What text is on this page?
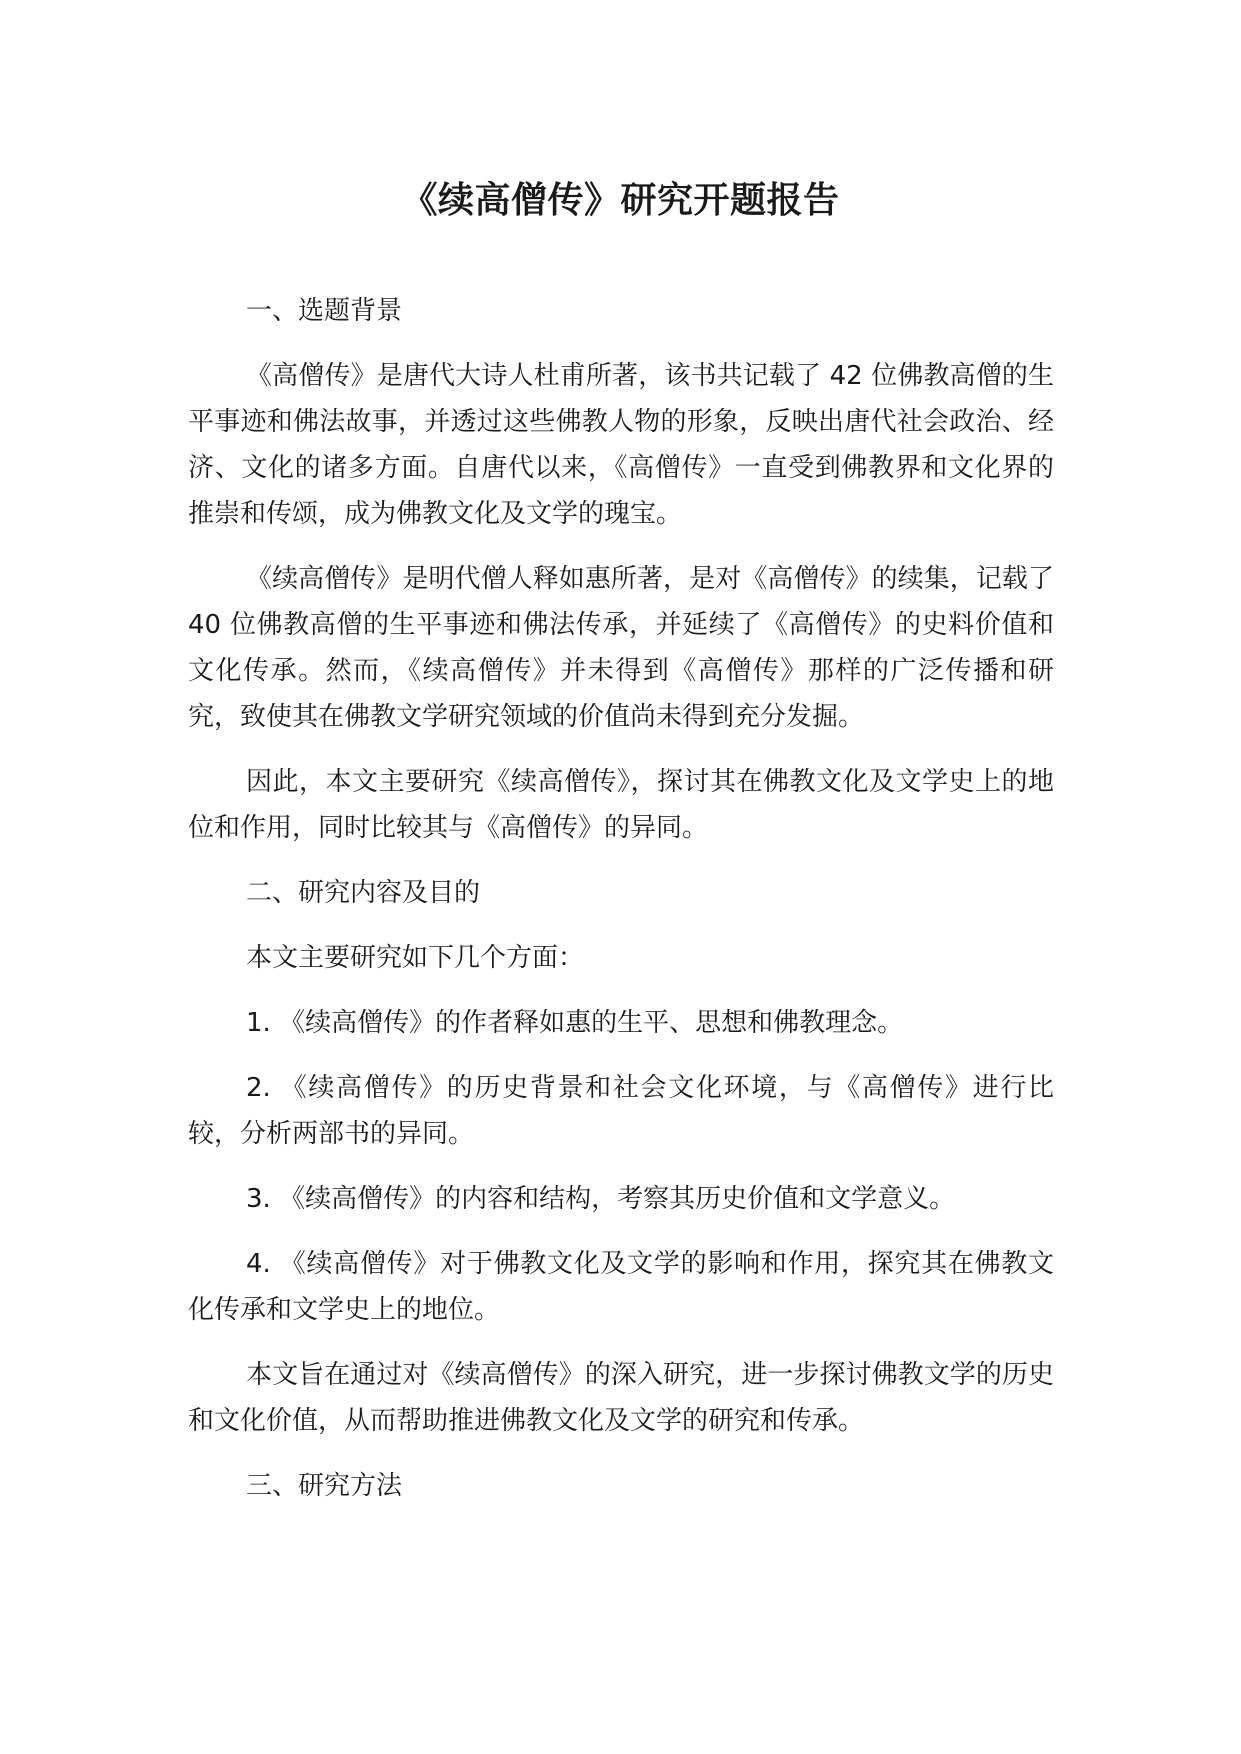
《续高僧传》研究开题报告

一、选题背景

《高僧传》是唐代大诗人杜甫所著，该书共记载了 42 位佛教高僧的生平事迹和佛法故事，并透过这些佛教人物的形象，反映出唐代社会政治、经济、文化的诸多方面。自唐代以来，《高僧传》一直受到佛教界和文化界的推崇和传颂，成为佛教文化及文学的瑰宝。

《续高僧传》是明代僧人释如惠所著，是对《高僧传》的续集，记载了 40 位佛教高僧的生平事迹和佛法传承，并延续了《高僧传》的史料价值和文化传承。然而，《续高僧传》并未得到《高僧传》那样的广泛传播和研究，致使其在佛教文学研究领域的价值尚未得到充分发掘。

因此，本文主要研究《续高僧传》，探讨其在佛教文化及文学史上的地位和作用，同时比较其与《高僧传》的异同。

二、研究内容及目的

本文主要研究如下几个方面：

1. 《续高僧传》的作者释如惠的生平、思想和佛教理念。

2. 《续高僧传》的历史背景和社会文化环境，与《高僧传》进行比较，分析两部书的异同。

3. 《续高僧传》的内容和结构，考察其历史价值和文学意义。

4. 《续高僧传》对于佛教文化及文学的影响和作用，探究其在佛教文化传承和文学史上的地位。

本文旨在通过对《续高僧传》的深入研究，进一步探讨佛教文学的历史和文化价值，从而帮助推进佛教文化及文学的研究和传承。

三、研究方法
